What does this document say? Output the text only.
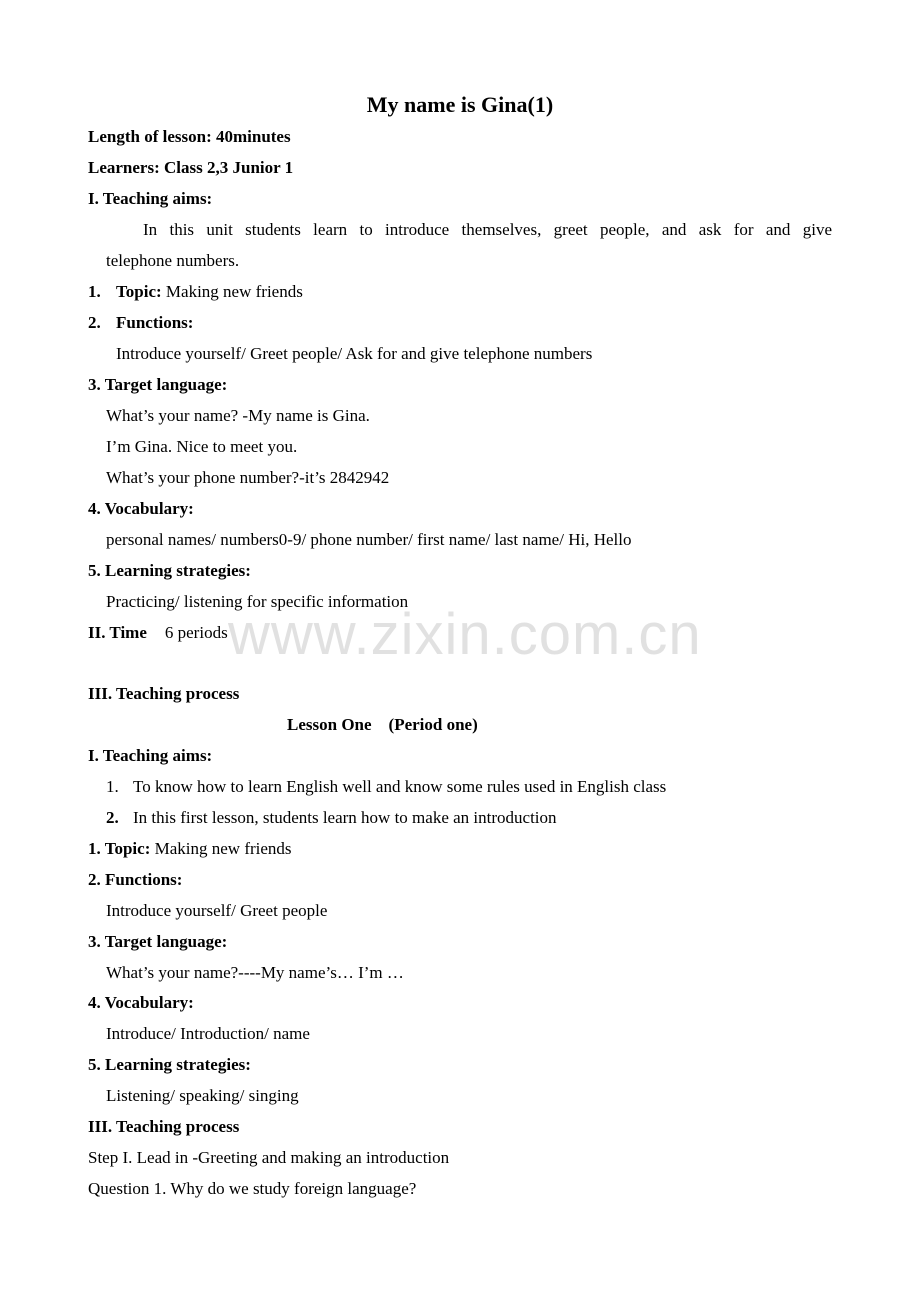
My name is Gina(1)
Length of lesson: 40minutes
Learners: Class 2,3 Junior 1
I. Teaching aims:
In this unit students learn to introduce themselves, greet people, and ask for and give
telephone numbers.
1. Topic: Making new friends
2. Functions:
Introduce yourself/ Greet people/ Ask for and give telephone numbers
3. Target language:
What’s your name? -My name is Gina.
I’m Gina. Nice to meet you.
What’s your phone number?-it’s 2842942
4. Vocabulary:
personal names/ numbers0-9/ phone number/ first name/ last name/ Hi, Hello
5. Learning strategies:
Practicing/ listening for specific information
II. Time 6 periods
III. Teaching process
Lesson One    (Period one)
I. Teaching aims:
1. To know how to learn English well and know some rules used in English class
2. In this first lesson, students learn how to make an introduction
1. Topic: Making new friends
2. Functions:
Introduce yourself/ Greet people
3. Target language:
What’s your name?----My name’s… I’m …
4. Vocabulary:
Introduce/ Introduction/ name
5. Learning strategies:
Listening/ speaking/ singing
III. Teaching process
Step I. Lead in -Greeting and making an introduction
Question 1. Why do we study foreign language?
www.zixin.com.cn
